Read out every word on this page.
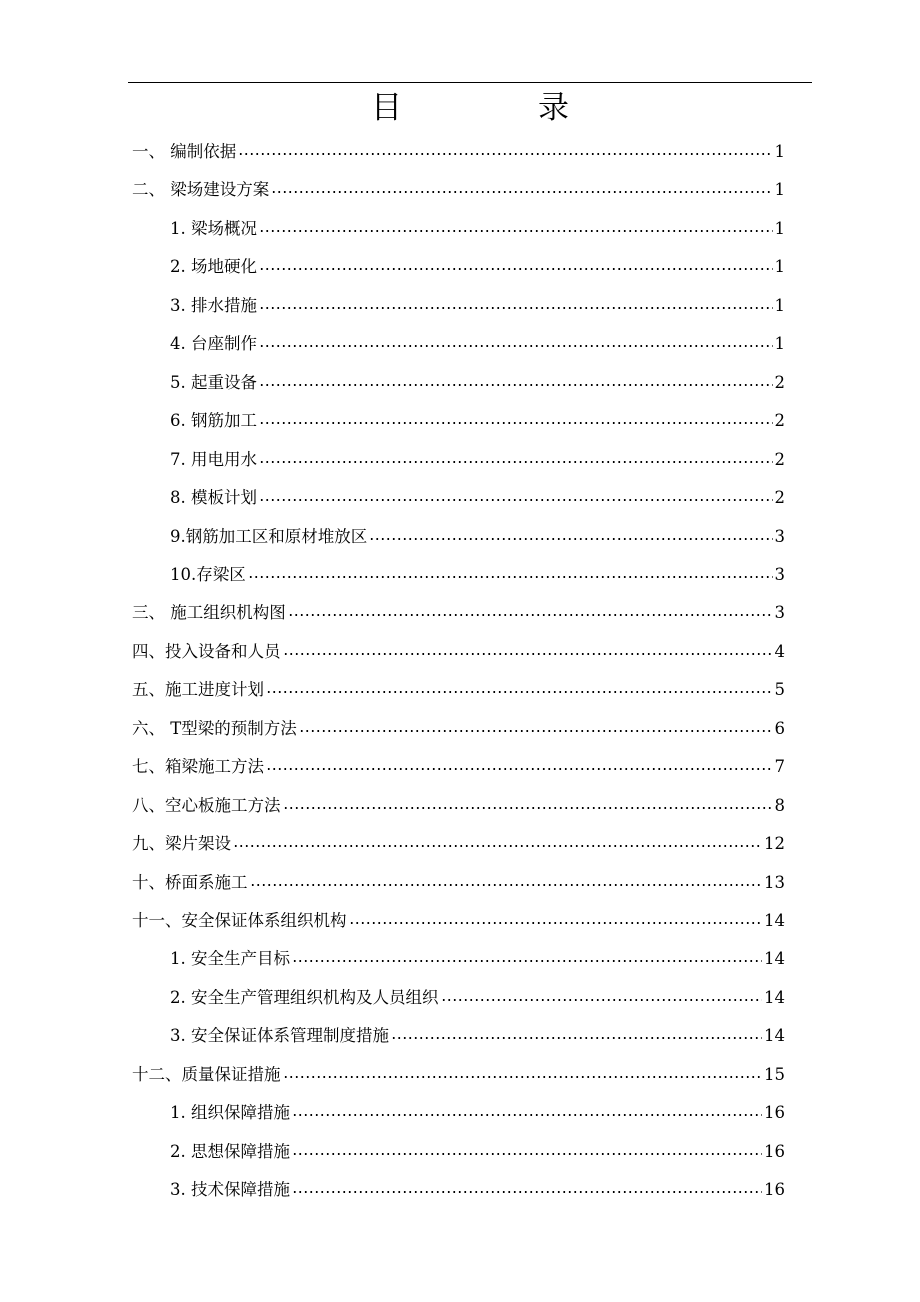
目	录
一、 编制依据	1
二、 梁场建设方案	1
1. 梁场概况	1
2. 场地硬化	1
3. 排水措施	1
4. 台座制作	1
5. 起重设备	2
6. 钢筋加工	2
7. 用电用水	2
8. 模板计划	2
9.钢筋加工区和原材堆放区	3
10.存梁区	3
三、 施工组织机构图	3
四、投入设备和人员	4
五、施工进度计划	5
六、 T型梁的预制方法	6
七、箱梁施工方法	7
八、空心板施工方法	8
九、梁片架设	12
十、桥面系施工	13
十一、安全保证体系组织机构	14
1. 安全生产目标	14
2. 安全生产管理组织机构及人员组织	14
3. 安全保证体系管理制度措施	14
十二、质量保证措施	15
1. 组织保障措施	16
2. 思想保障措施	16
3. 技术保障措施	16
